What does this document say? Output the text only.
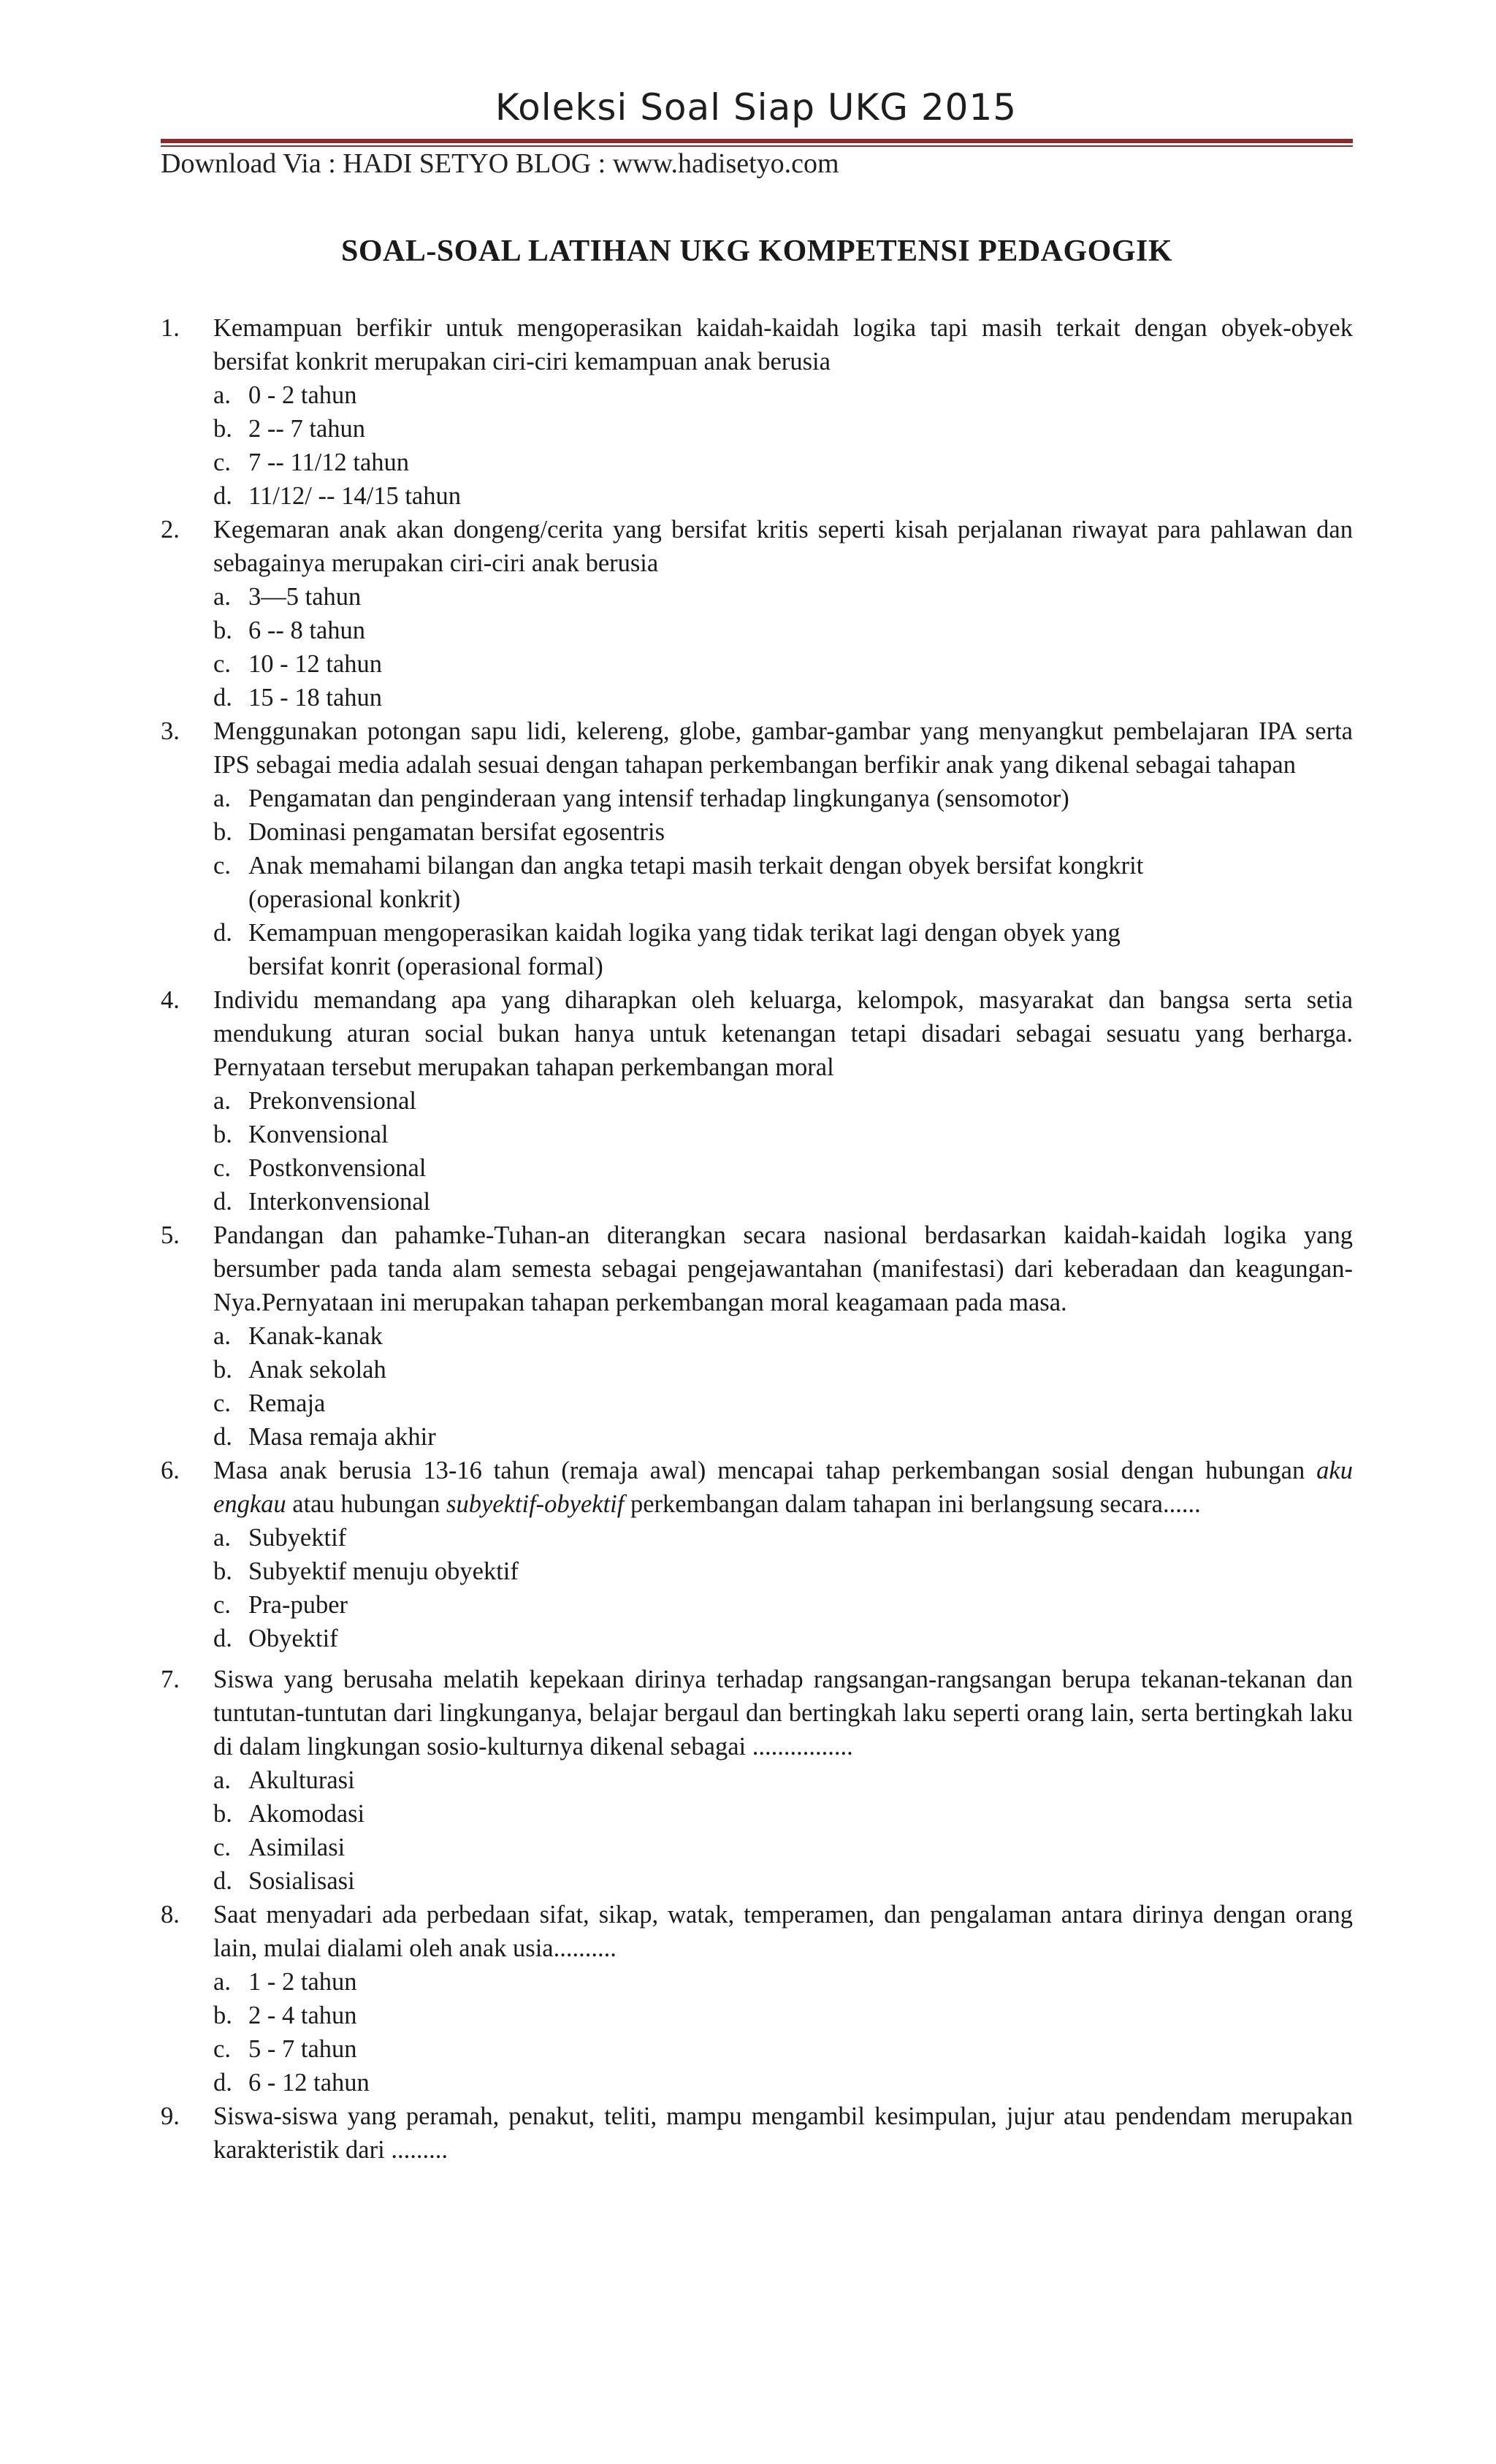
Koleksi Soal Siap UKG 2015
Download Via : HADI SETYO BLOG : www.hadisetyo.com
SOAL-SOAL LATIHAN UKG KOMPETENSI PEDAGOGIK
1. Kemampuan berfikir untuk mengoperasikan kaidah-kaidah logika tapi masih terkait dengan obyek-obyek bersifat konkrit merupakan ciri-ciri kemampuan anak berusia

a. 0 - 2 tahun
b. 2 -- 7 tahun
c. 7 -- 11/12 tahun
d. 11/12/ -- 14/15 tahun
2. Kegemaran anak akan dongeng/cerita yang bersifat kritis seperti kisah perjalanan riwayat para pahlawan dan sebagainya merupakan ciri-ciri anak berusia

a. 3—5 tahun
b. 6 -- 8 tahun
c. 10 - 12 tahun
d. 15 - 18 tahun
3. Menggunakan potongan sapu lidi, kelereng, globe, gambar-gambar yang menyangkut pembelajaran IPA serta IPS sebagai media adalah sesuai dengan tahapan perkembangan berfikir anak yang dikenal sebagai tahapan

a. Pengamatan dan penginderaan yang intensif terhadap lingkunganya (sensomotor)
b. Dominasi pengamatan bersifat egosentris
c. Anak memahami bilangan dan angka tetapi masih terkait dengan obyek bersifat kongkrit (operasional konkrit)
d. Kemampuan mengoperasikan kaidah logika yang tidak terikat lagi dengan obyek yang bersifat konrit (operasional formal)
4. Individu memandang apa yang diharapkan oleh keluarga, kelompok, masyarakat dan bangsa serta setia mendukung aturan social bukan hanya untuk ketenangan tetapi disadari sebagai sesuatu yang berharga. Pernyataan tersebut merupakan tahapan perkembangan moral

a. Prekonvensional
b. Konvensional
c. Postkonvensional
d. Interkonvensional
5. Pandangan dan pahamke-Tuhan-an diterangkan secara nasional berdasarkan kaidah-kaidah logika yang bersumber pada tanda alam semesta sebagai pengejawantahan (manifestasi) dari keberadaan dan keagungan-Nya.Pernyataan ini merupakan tahapan perkembangan moral keagamaan pada masa.

a. Kanak-kanak
b. Anak sekolah
c. Remaja
d. Masa remaja akhir
6. Masa anak berusia 13-16 tahun (remaja awal) mencapai tahap perkembangan sosial dengan hubungan aku engkau atau hubungan subyektif-obyektif perkembangan dalam tahapan ini berlangsung secara......

a. Subyektif
b. Subyektif menuju obyektif
c. Pra-puber
d. Obyektif
7. Siswa yang berusaha melatih kepekaan dirinya terhadap rangsangan-rangsangan berupa tekanan-tekanan dan tuntutan-tuntutan dari lingkunganya, belajar bergaul dan bertingkah laku seperti orang lain, serta bertingkah laku di dalam lingkungan sosio-kulturnya dikenal sebagai ................

a. Akulturasi
b. Akomodasi
c. Asimilasi
d. Sosialisasi
8. Saat menyadari ada perbedaan sifat, sikap, watak, temperamen, dan pengalaman antara dirinya dengan orang lain, mulai dialami oleh anak usia..........

a. 1 - 2 tahun
b. 2 - 4 tahun
c. 5 - 7 tahun
d. 6 - 12 tahun
9. Siswa-siswa yang peramah, penakut, teliti, mampu mengambil kesimpulan, jujur atau pendendam merupakan karakteristik dari .........
